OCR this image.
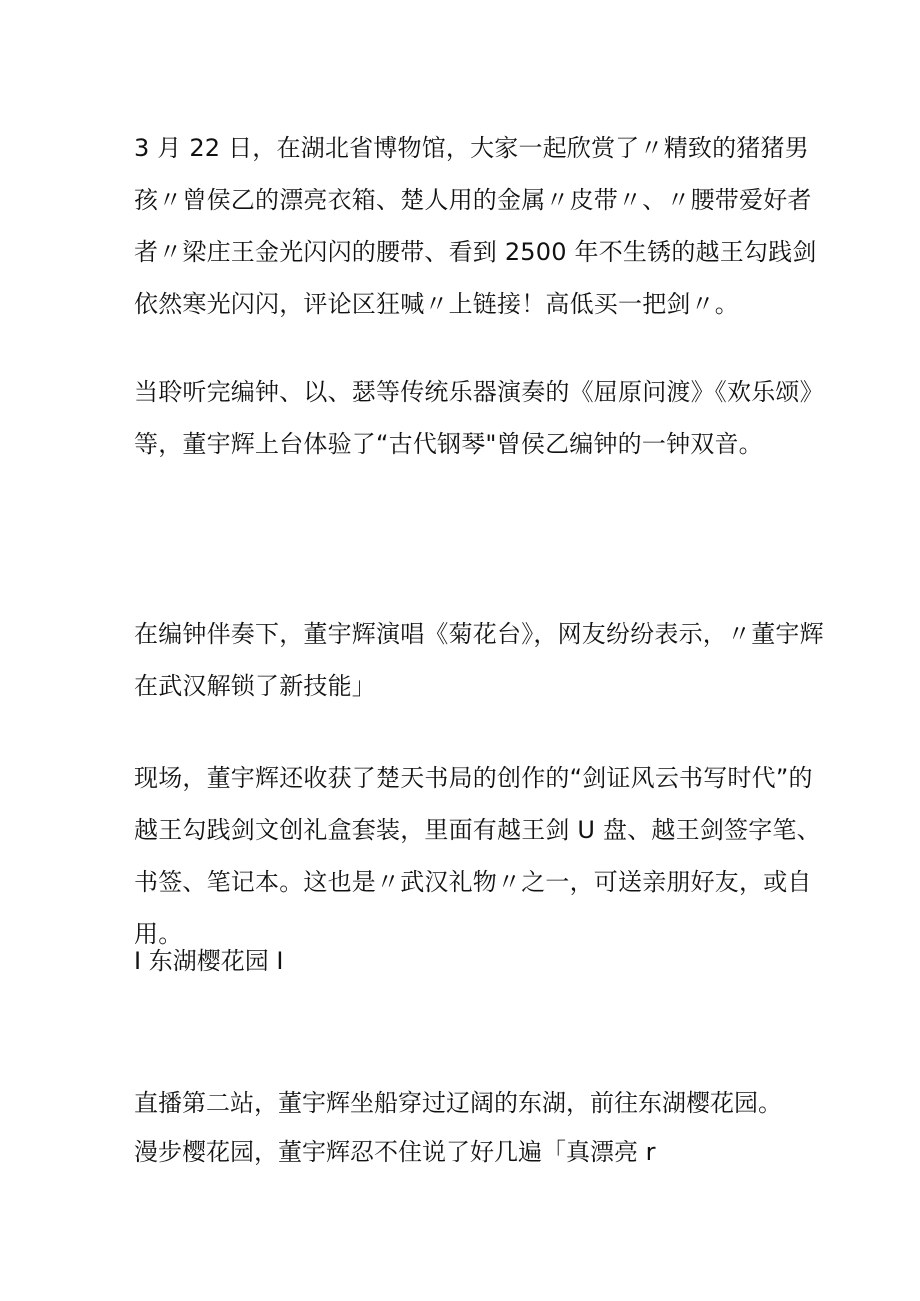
3 月 22 日，在湖北省博物馆，大家一起欣赏了〃精致的猪猪男孩〃曾侯乙的漂亮衣箱、楚人用的金属〃皮带〃、〃腰带爱好者者〃梁庄王金光闪闪的腰带、看到 2500 年不生锈的越王勾践剑依然寒光闪闪，评论区狂喊〃上链接！高低买一把剑〃。

当聆听完编钟、以、瑟等传统乐器演奏的《屈原问渡》《欢乐颂》等，董宇辉上台体验了“古代钢琴"曾侯乙编钟的一钟双音。

在编钟伴奏下，董宇辉演唱《菊花台》，网友纷纷表示，〃董宇辉在武汉解锁了新技能」

现场，董宇辉还收获了楚天书局的创作的“剑证风云书写时代”的越王勾践剑文创礼盒套装，里面有越王剑 U 盘、越王剑签字笔、书签、笔记本。这也是〃武汉礼物〃之一，可送亲朋好友，或自用。

I 东湖樱花园 I

直播第二站，董宇辉坐船穿过辽阔的东湖，前往东湖樱花园。

漫步樱花园，董宇辉忍不住说了好几遍「真漂亮 r
